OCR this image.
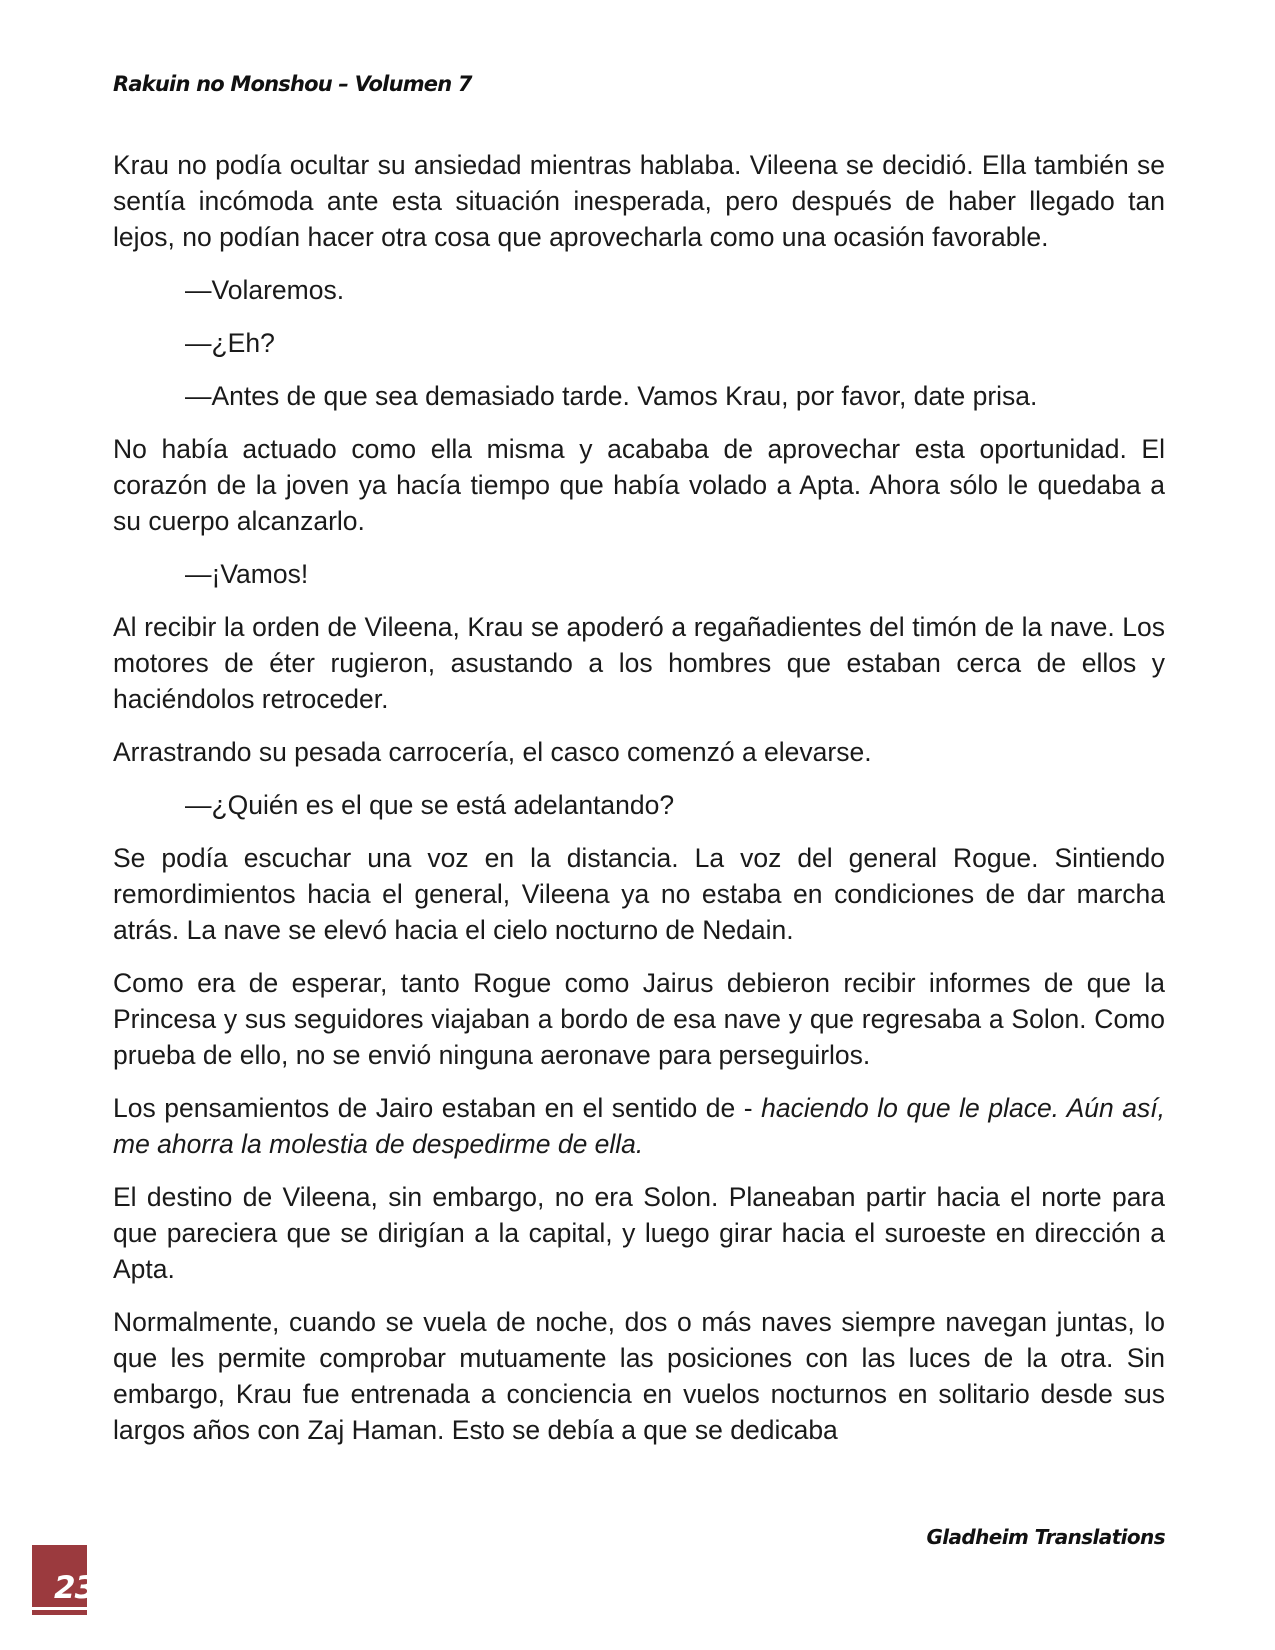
Rakuin no Monshou – Volumen 7

Krau no podía ocultar su ansiedad mientras hablaba. Vileena se decidió. Ella también se sentía incómoda ante esta situación inesperada, pero después de haber llegado tan lejos, no podían hacer otra cosa que aprovecharla como una ocasión favorable.

—Volaremos.

—¿Eh?

—Antes de que sea demasiado tarde. Vamos Krau, por favor, date prisa.

No había actuado como ella misma y acababa de aprovechar esta oportunidad. El corazón de la joven ya hacía tiempo que había volado a Apta. Ahora sólo le quedaba a su cuerpo alcanzarlo.

—¡Vamos!

Al recibir la orden de Vileena, Krau se apoderó a regañadientes del timón de la nave. Los motores de éter rugieron, asustando a los hombres que estaban cerca de ellos y haciéndolos retroceder.

Arrastrando su pesada carrocería, el casco comenzó a elevarse.

—¿Quién es el que se está adelantando?

Se podía escuchar una voz en la distancia. La voz del general Rogue. Sintiendo remordimientos hacia el general, Vileena ya no estaba en condiciones de dar marcha atrás. La nave se elevó hacia el cielo nocturno de Nedain.

Como era de esperar, tanto Rogue como Jairus debieron recibir informes de que la Princesa y sus seguidores viajaban a bordo de esa nave y que regresaba a Solon. Como prueba de ello, no se envió ninguna aeronave para perseguirlos.

Los pensamientos de Jairo estaban en el sentido de - haciendo lo que le place. Aún así, me ahorra la molestia de despedirme de ella.

El destino de Vileena, sin embargo, no era Solon. Planeaban partir hacia el norte para que pareciera que se dirigían a la capital, y luego girar hacia el suroeste en dirección a Apta.

Normalmente, cuando se vuela de noche, dos o más naves siempre navegan juntas, lo que les permite comprobar mutuamente las posiciones con las luces de la otra. Sin embargo, Krau fue entrenada a conciencia en vuelos nocturnos en solitario desde sus largos años con Zaj Haman. Esto se debía a que se dedicaba

Gladheim Translations
23
